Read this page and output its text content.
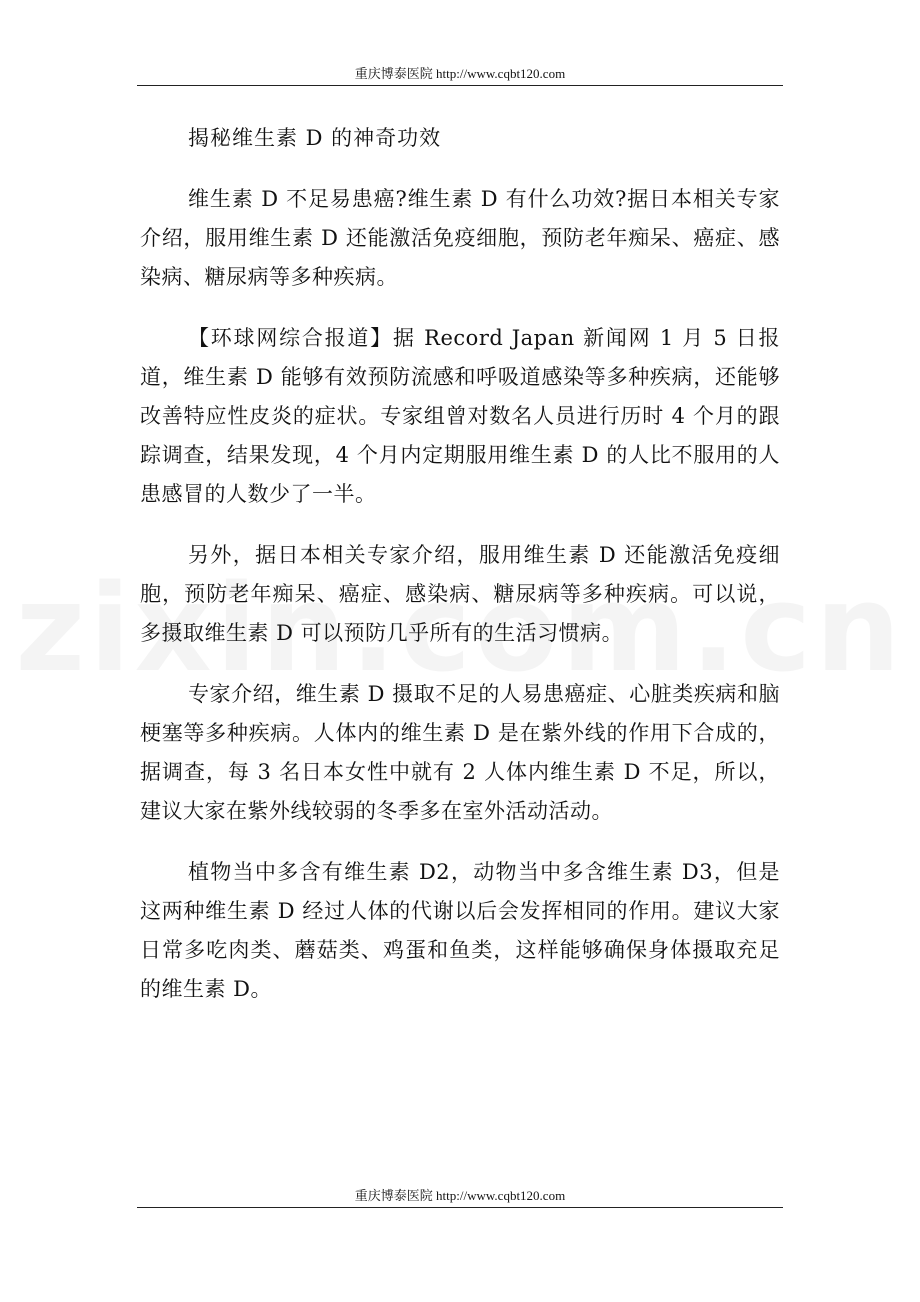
重庆博泰医院 http://www.cqbt120.com
揭秘维生素 D 的神奇功效

维生素 D 不足易患癌?维生素 D 有什么功效?据日本相关专家介绍，服用维生素 D 还能激活免疫细胞，预防老年痴呆、癌症、感染病、糖尿病等多种疾病。

【环球网综合报道】据 Record Japan 新闻网 1 月 5 日报道，维生素 D 能够有效预防流感和呼吸道感染等多种疾病，还能够改善特应性皮炎的症状。专家组曾对数名人员进行历时 4 个月的跟踪调查，结果发现，4 个月内定期服用维生素 D 的人比不服用的人患感冒的人数少了一半。

另外，据日本相关专家介绍，服用维生素 D 还能激活免疫细胞，预防老年痴呆、癌症、感染病、糖尿病等多种疾病。可以说，多摄取维生素 D 可以预防几乎所有的生活习惯病。

专家介绍，维生素 D 摄取不足的人易患癌症、心脏类疾病和脑梗塞等多种疾病。人体内的维生素 D 是在紫外线的作用下合成的，据调查，每 3 名日本女性中就有 2 人体内维生素 D 不足，所以，建议大家在紫外线较弱的冬季多在室外活动活动。

植物当中多含有维生素 D2，动物当中多含维生素 D3，但是这两种维生素 D 经过人体的代谢以后会发挥相同的作用。建议大家日常多吃肉类、蘑菇类、鸡蛋和鱼类，这样能够确保身体摄取充足的维生素 D。

重庆博泰医院 http://www.cqbt120.com
